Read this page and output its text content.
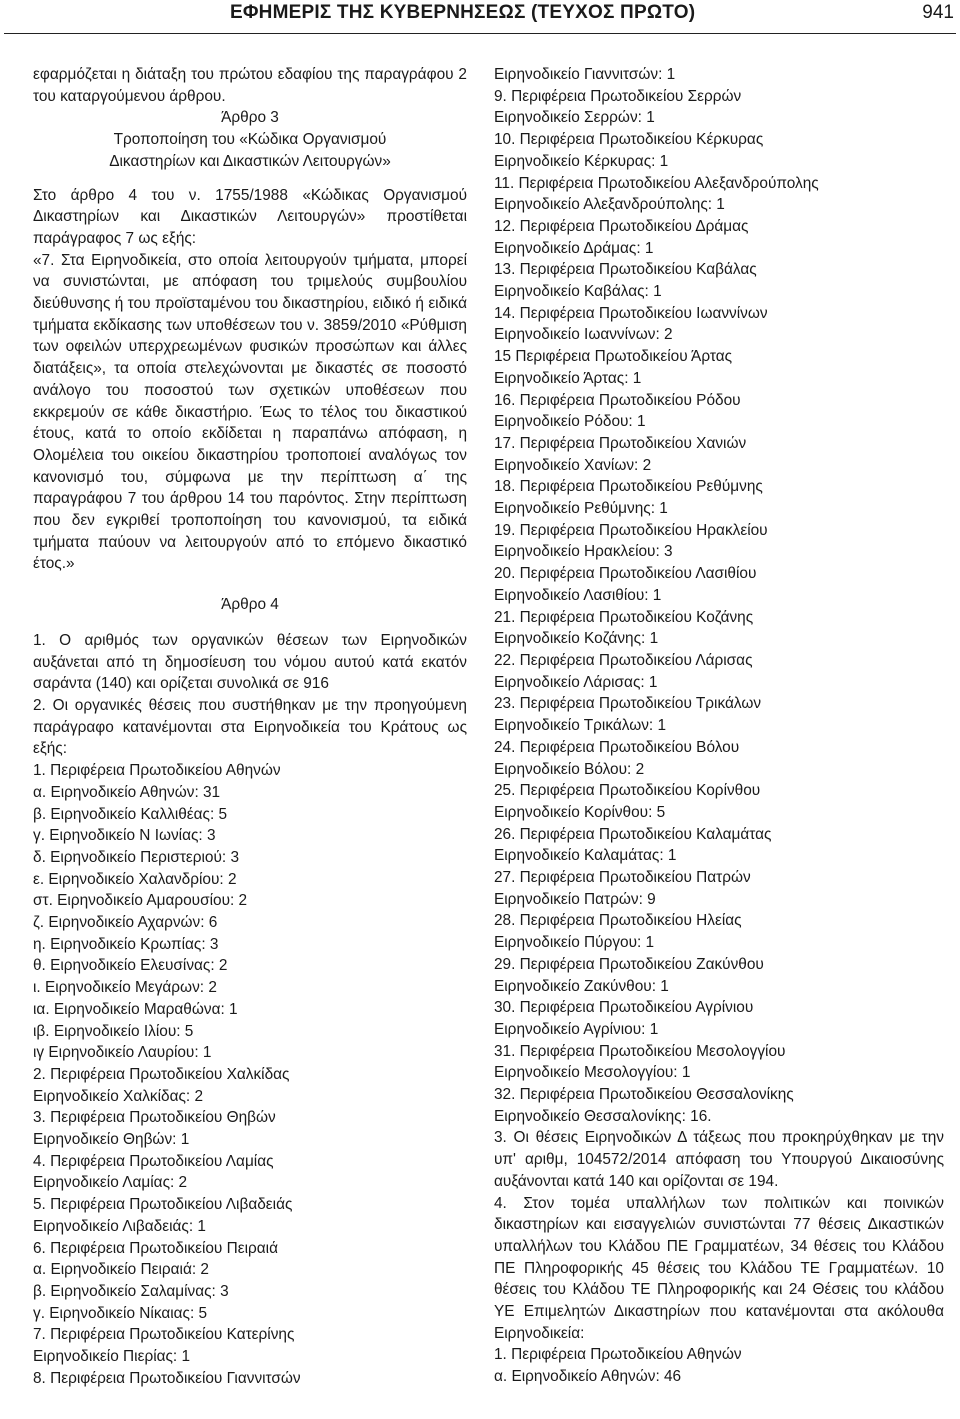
ΕΦΗΜΕΡΙΣ ΤΗΣ ΚΥΒΕΡΝΗΣΕΩΣ (ΤΕΥΧΟΣ ΠΡΩΤΟ)	941

εφαρμόζεται η διάταξη του πρώτου εδαφίου της παραγράφου 2 του καταργούμενου άρθρου.

Άρθρο 3

Τροποποίηση του «Κώδικα Οργανισμού

Δικαστηρίων και Δικαστικών Λειτουργών»

Στο άρθρο 4 του ν. 1755/1988 «Κώδικας Οργανισμού Δικαστηρίων και Δικαστικών Λειτουργών» προστίθεται παράγραφος 7 ως εξής:

«7. Στα Ειρηνοδικεία, στο οποία λειτουργούν τμήματα, μπορεί να συνιστώνται, με απόφαση του τριμελούς συμβουλίου διεύθυνσης ή του προϊσταμένου του δικαστηρίου, ειδικό ή ειδικά τμήματα εκδίκασης των υποθέσεων του ν. 3859/2010 «Ρύθμιση των οφειλών υπερχρεωμένων φυσικών προσώπων και άλλες διατάξεις», τα οποία στελεχώνονται με δικαστές σε ποσοστό ανάλογο του ποσοστού των σχετικών υποθέσεων που εκκρεμούν σε κάθε δικαστήριο. Έως το τέλος του δικαστικού έτους, κατά το οποίο εκδίδεται η παραπάνω απόφαση, η Ολομέλεια του οικείου δικαστηρίου τροποποιεί αναλόγως τον κανονισμό του, σύμφωνα με την περίπτωση α΄ της παραγράφου 7 του άρθρου 14 του παρόντος. Στην περίπτωση που δεν εγκριθεί τροποποίηση του κανονισμού, τα ειδικά τμήματα παύουν να λειτουργούν από το επόμενο δικαστικό έτος.»

Άρθρο 4

1. Ο αριθμός των οργανικών θέσεων των Ειρηνοδικών αυξάνεται από τη δημοσίευση του νόμου αυτού κατά εκατόν σαράντα (140) και ορίζεται συνολικά σε 916

2. Οι οργανικές θέσεις που συστήθηκαν με την προηγούμενη παράγραφο κατανέμονται στα Ειρηνοδικεία του Κράτους ως εξής:

1. Περιφέρεια Πρωτοδικείου Αθηνών

α. Ειρηνοδικείο Αθηνών: 31

β. Ειρηνοδικείο Καλλιθέας: 5

γ. Ειρηνοδικείο Ν Ιωνίας: 3

δ. Ειρηνοδικείο Περιστεριού: 3

ε. Ειρηνοδικείο Χαλανδρίου: 2

στ. Ειρηνοδικείο Αμαρουσίου: 2

ζ. Ειρηνοδικείο Αχαρνών: 6

η. Ειρηνοδικείο Κρωπίας: 3

θ. Ειρηνοδικείο Ελευσίνας: 2

ι. Ειρηνοδικείο Μεγάρων: 2

ια. Ειρηνοδικείο Μαραθώνα: 1

ιβ. Ειρηνοδικείο Ιλίου: 5

ιγ Ειρηνοδικείο Λαυρίου: 1

2. Περιφέρεια Πρωτοδικείου Χαλκίδας

Ειρηνοδικείο Χαλκίδας: 2

3. Περιφέρεια Πρωτοδικείου Θηβών

Ειρηνοδικείο Θηβών: 1

4. Περιφέρεια Πρωτοδικείου Λαμίας

Ειρηνοδικείο Λαμίας: 2

5. Περιφέρεια Πρωτοδικείου Λιβαδειάς

Ειρηνοδικείο Λιβαδειάς: 1

6. Περιφέρεια Πρωτοδικείου Πειραιά

α. Ειρηνοδικείο Πειραιά: 2

β. Ειρηνοδικείο Σαλαμίνας: 3

γ. Ειρηνοδικείο Νίκαιας: 5

7. Περιφέρεια Πρωτοδικείου Κατερίνης

Ειρηνοδικείο Πιερίας: 1

8. Περιφέρεια Πρωτοδικείου Γιαννιτσών

Ειρηνοδικείο Γιαννιτσών: 1

9. Περιφέρεια Πρωτοδικείου Σερρών

Ειρηνοδικείο Σερρών: 1

10. Περιφέρεια Πρωτοδικείου Κέρκυρας

Ειρηνοδικείο Κέρκυρας: 1

11. Περιφέρεια Πρωτοδικείου Αλεξανδρούπολης

Ειρηνοδικείο Αλεξανδρούπολης: 1

12. Περιφέρεια Πρωτοδικείου Δράμας

Ειρηνοδικείο Δράμας: 1

13. Περιφέρεια Πρωτοδικείου Καβάλας

Ειρηνοδικείο Καβάλας: 1

14. Περιφέρεια Πρωτοδικείου Ιωαννίνων

Ειρηνοδικείο Ιωαννίνων: 2

15 Περιφέρεια Πρωτοδικείου Άρτας

Ειρηνοδικείο Άρτας: 1

16. Περιφέρεια Πρωτοδικείου Ρόδου

Ειρηνοδικείο Ρόδου: 1

17. Περιφέρεια Πρωτοδικείου Χανιών

Ειρηνοδικείο Χανίων: 2

18. Περιφέρεια Πρωτοδικείου Ρεθύμνης

Ειρηνοδικείο Ρεθύμνης: 1

19. Περιφέρεια Πρωτοδικείου Ηρακλείου

Ειρηνοδικείο Ηρακλείου: 3

20. Περιφέρεια Πρωτοδικείου Λασιθίου

Ειρηνοδικείο Λασιθίου: 1

21. Περιφέρεια Πρωτοδικείου Κοζάνης

Ειρηνοδικείο Κοζάνης: 1

22. Περιφέρεια Πρωτοδικείου Λάρισας

Ειρηνοδικείο Λάρισας: 1

23. Περιφέρεια Πρωτοδικείου Τρικάλων

Ειρηνοδικείο Τρικάλων: 1

24. Περιφέρεια Πρωτοδικείου Βόλου

Ειρηνοδικείο Βόλου: 2

25. Περιφέρεια Πρωτοδικείου Κορίνθου

Ειρηνοδικείο Κορίνθου: 5

26. Περιφέρεια Πρωτοδικείου Καλαμάτας

Ειρηνοδικείο Καλαμάτας: 1

27. Περιφέρεια Πρωτοδικείου Πατρών

Ειρηνοδικείο Πατρών: 9

28. Περιφέρεια Πρωτοδικείου Ηλείας

Ειρηνοδικείο Πύργου: 1

29. Περιφέρεια Πρωτοδικείου Ζακύνθου

Ειρηνοδικείο Ζακύνθου: 1

30. Περιφέρεια Πρωτοδικείου Αγρίνιου

Ειρηνοδικείο Αγρίνιου: 1

31. Περιφέρεια Πρωτοδικείου Μεσολογγίου

Ειρηνοδικείο Μεσολογγίου: 1

32. Περιφέρεια Πρωτοδικείου Θεσσαλονίκης

Ειρηνοδικείο Θεσσαλονίκης: 16.

3. Οι θέσεις Ειρηνοδικών Δ τάξεως που προκηρύχθηκαν με την υπ' αριθμ, 104572/2014 απόφαση του Υπουργού Δικαιοσύνης αυξάνονται κατά 140 και ορίζονται σε 194.

4. Στον τομέα υπαλλήλων των πολιτικών και ποινικών δικαστηρίων και εισαγγελιών συνιστώνται 77 θέσεις Δικαστικών υπαλλήλων του Κλάδου ΠΕ Γραμματέων, 34 θέσεις του Κλάδου ΠΕ Πληροφορικής 45 θέσεις του Κλάδου ΤΕ Γραμματέων. 10 θέσεις του Κλάδου ΤΕ Πληροφορικής και 24 Θέσεις του κλάδου ΥΕ Επιμελητών Δικαστηρίων που κατανέμονται στα ακόλουθα Ειρηνοδικεία:

1. Περιφέρεια Πρωτοδικείου Αθηνών

α. Ειρηνοδικείο Αθηνών: 46
